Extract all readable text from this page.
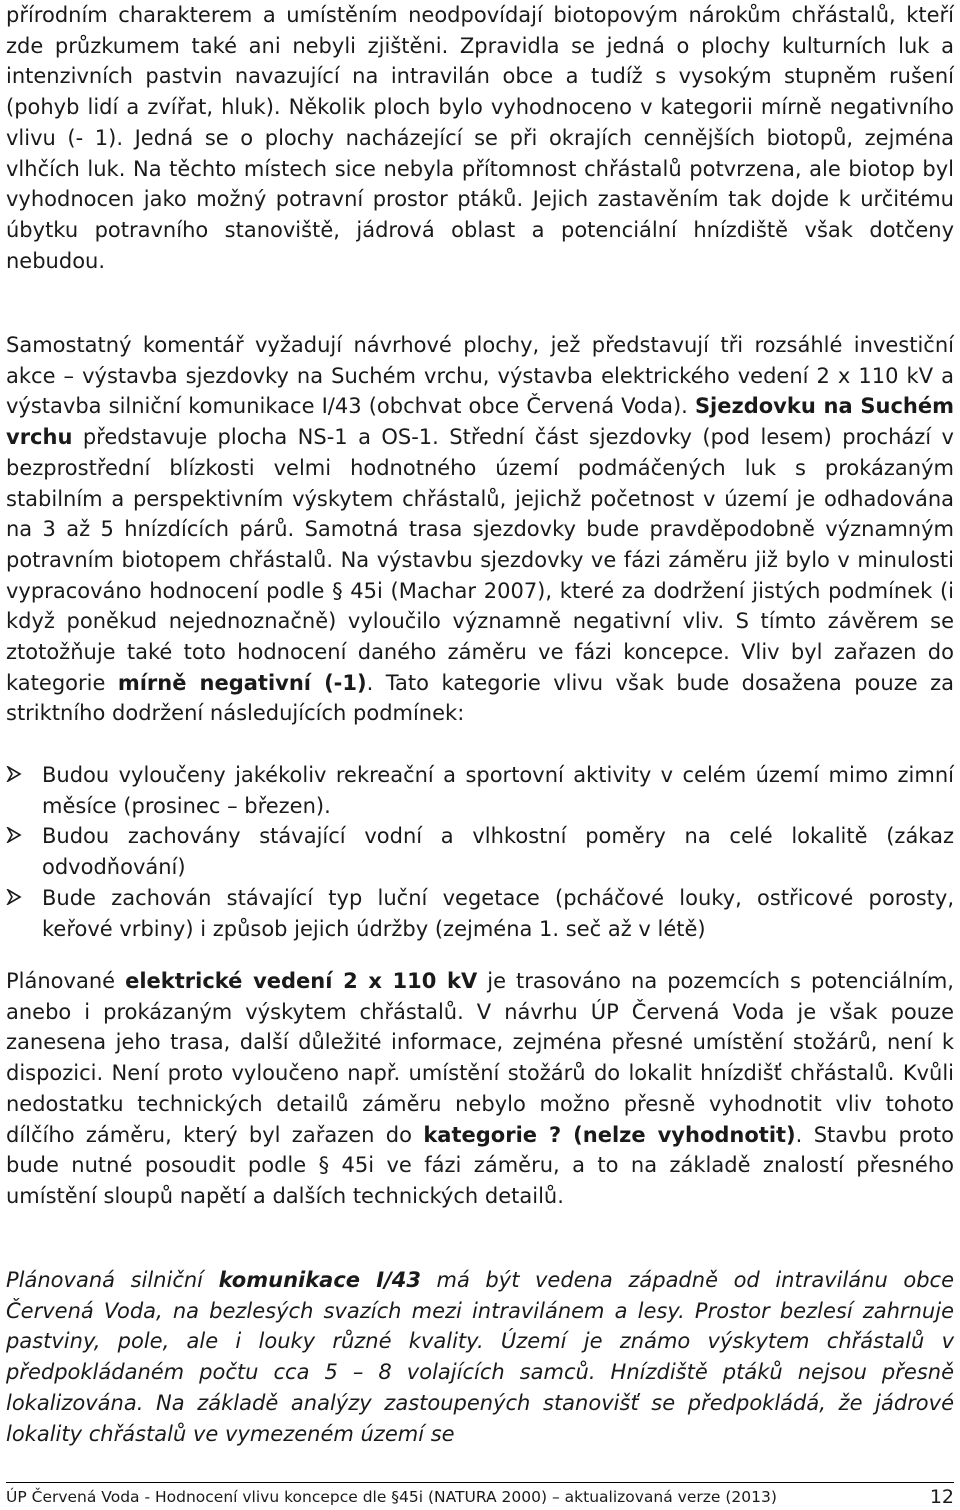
přírodním charakterem a umístěním neodpovídají biotopovým nárokům chřástalů, kteří zde průzkumem také ani nebyli zjištěni. Zpravidla se jedná o plochy kulturních luk a intenzivních pastvin navazující na intravilán obce a tudíž s vysokým stupněm rušení (pohyb lidí a zvířat, hluk). Několik ploch bylo vyhodnoceno v kategorii mírně negativního vlivu (- 1). Jedná se o plochy nacházející se při okrajích cennějších biotopů, zejména vlhčích luk. Na těchto místech sice nebyla přítomnost chřástalů potvrzena, ale biotop byl vyhodnocen jako možný potravní prostor ptáků. Jejich zastavěním tak dojde k určitému úbytku potravního stanoviště, jádrová oblast a potenciální hnízdiště však dotčeny nebudou.

Samostatný komentář vyžadují návrhové plochy, jež představují tři rozsáhlé investiční akce – výstavba sjezdovky na Suchém vrchu, výstavba elektrického vedení 2 x 110 kV a výstavba silniční komunikace I/43 (obchvat obce Červená Voda). Sjezdovku na Suchém vrchu představuje plocha NS-1 a OS-1. Střední část sjezdovky (pod lesem) prochází v bezprostřední blízkosti velmi hodnotného území podmáčených luk s prokázaným stabilním a perspektivním výskytem chřástalů, jejichž početnost v území je odhadována na 3 až 5 hnízdících párů. Samotná trasa sjezdovky bude pravděpodobně významným potravním biotopem chřástalů. Na výstavbu sjezdovky ve fázi záměru již bylo v minulosti vypracováno hodnocení podle § 45i (Machar 2007), které za dodržení jistých podmínek (i když poněkud nejednoznačně) vyloučilo významně negativní vliv. S tímto závěrem se ztotožňuje také toto hodnocení daného záměru ve fázi koncepce. Vliv byl zařazen do kategorie mírně negativní (-1). Tato kategorie vlivu však bude dosažena pouze za striktního dodržení následujících podmínek:

Budou vyloučeny jakékoliv rekreační a sportovní aktivity v celém území mimo zimní měsíce (prosinec – březen).
Budou zachovány stávající vodní a vlhkostní poměry na celé lokalitě (zákaz odvodňování)
Bude zachován stávající typ luční vegetace (pcháčové louky, ostřicové porosty, keřové vrbiny) i způsob jejich údržby (zejména 1. seč až v létě)

Plánované elektrické vedení 2 x 110 kV je trasováno na pozemcích s potenciálním, anebo i prokázaným výskytem chřástalů. V návrhu ÚP Červená Voda je však pouze zanesena jeho trasa, další důležité informace, zejména přesné umístění stožárů, není k dispozici. Není proto vyloučeno např. umístění stožárů do lokalit hnízdišť chřástalů. Kvůli nedostatku technických detailů záměru nebylo možno přesně vyhodnotit vliv tohoto dílčího záměru, který byl zařazen do kategorie ? (nelze vyhodnotit). Stavbu proto bude nutné posoudit podle § 45i ve fázi záměru, a to na základě znalostí přesného umístění sloupů napětí a dalších technických detailů.

Plánovaná silniční komunikace I/43 má být vedena západně od intravilánu obce Červená Voda, na bezlesých svazích mezi intravilánem a lesy. Prostor bezlesí zahrnuje pastviny, pole, ale i louky různé kvality. Území je známo výskytem chřástalů v předpokládaném počtu cca 5 – 8 volajících samců. Hnízdiště ptáků nejsou přesně lokalizována. Na základě analýzy zastoupených stanovišť se předpokládá, že jádrové lokality chřástalů ve vymezeném území se

ÚP Červená Voda - Hodnocení vlivu koncepce dle §45i (NATURA 2000) – aktualizovaná verze (2013)	12
